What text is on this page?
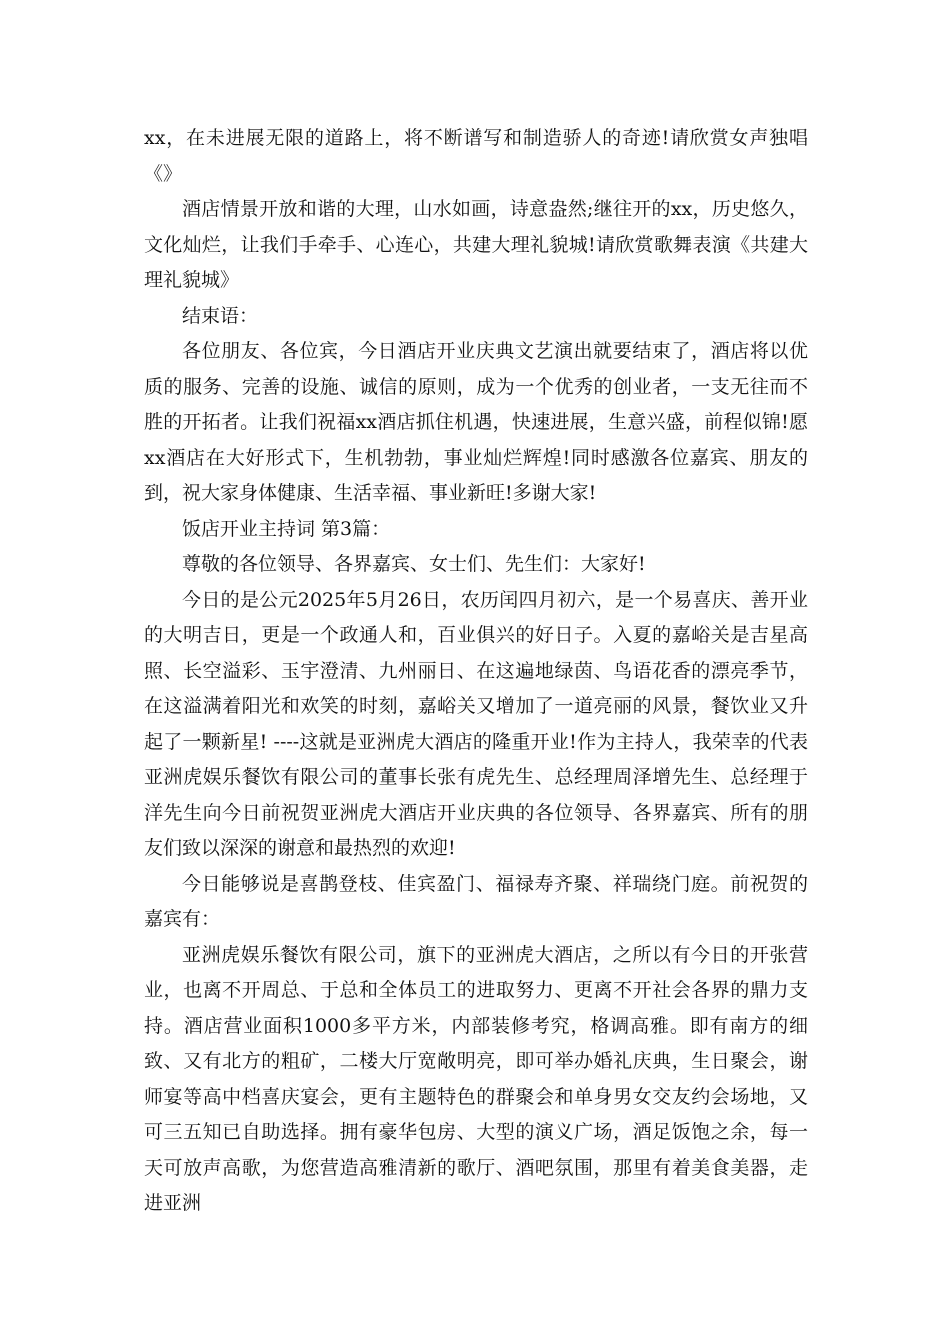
xx，在未进展无限的道路上，将不断谱写和制造骄人的奇迹!请欣赏女声独唱《》

酒店情景开放和谐的大理，山水如画，诗意盎然;继往开的xx，历史悠久，文化灿烂，让我们手牵手、心连心，共建大理礼貌城!请欣赏歌舞表演《共建大理礼貌城》

结束语：

各位朋友、各位宾，今日酒店开业庆典文艺演出就要结束了，酒店将以优质的服务、完善的设施、诚信的原则，成为一个优秀的创业者，一支无往而不胜的开拓者。让我们祝福xx酒店抓住机遇，快速进展，生意兴盛，前程似锦!愿xx酒店在大好形式下，生机勃勃，事业灿烂辉煌!同时感激各位嘉宾、朋友的到，祝大家身体健康、生活幸福、事业新旺!多谢大家!

饭店开业主持词 第3篇：

尊敬的各位领导、各界嘉宾、女士们、先生们：大家好!

今日的是公元2025年5月26日，农历闰四月初六，是一个易喜庆、善开业的大明吉日，更是一个政通人和，百业俱兴的好日子。入夏的嘉峪关是吉星高照、长空溢彩、玉宇澄清、九州丽日、在这遍地绿茵、鸟语花香的漂亮季节，在这溢满着阳光和欢笑的时刻，嘉峪关又增加了一道亮丽的风景，餐饮业又升起了一颗新星! ----这就是亚洲虎大酒店的隆重开业!作为主持人，我荣幸的代表亚洲虎娱乐餐饮有限公司的董事长张有虎先生、总经理周泽增先生、总经理于洋先生向今日前祝贺亚洲虎大酒店开业庆典的各位领导、各界嘉宾、所有的朋友们致以深深的谢意和最热烈的欢迎!

今日能够说是喜鹊登枝、佳宾盈门、福禄寿齐聚、祥瑞绕门庭。前祝贺的嘉宾有：

亚洲虎娱乐餐饮有限公司，旗下的亚洲虎大酒店，之所以有今日的开张营业，也离不开周总、于总和全体员工的进取努力、更离不开社会各界的鼎力支持。酒店营业面积1000多平方米，内部装修考究，格调高雅。即有南方的细致、又有北方的粗矿，二楼大厅宽敞明亮，即可举办婚礼庆典，生日聚会，谢师宴等高中档喜庆宴会，更有主题特色的群聚会和单身男女交友约会场地，又可三五知已自助选择。拥有豪华包房、大型的演义广场，酒足饭饱之余，每一天可放声高歌，为您营造高雅清新的歌厅、酒吧氛围，那里有着美食美器，走进亚洲
